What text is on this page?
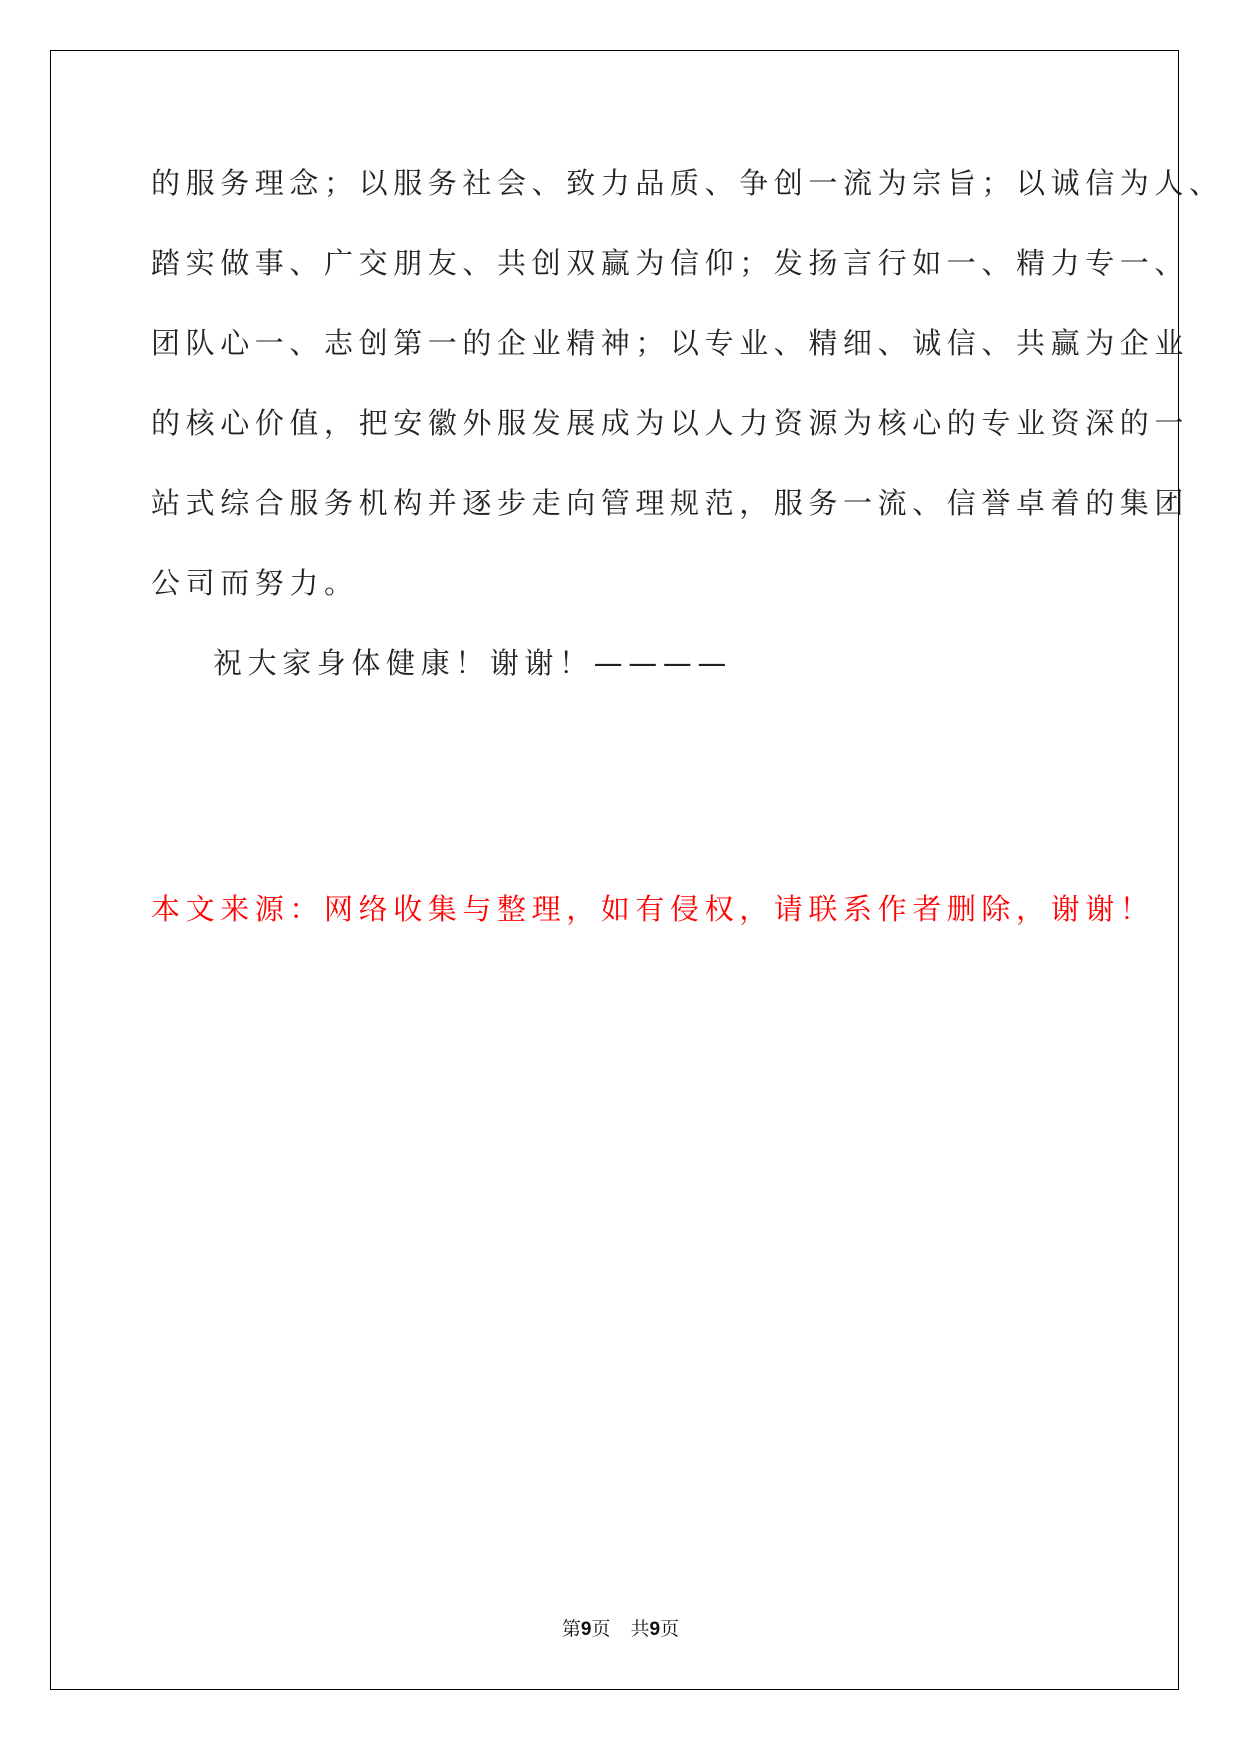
的服务理念；以服务社会、致力品质、争创一流为宗旨；以诚信为人、
踏实做事、广交朋友、共创双赢为信仰；发扬言行如一、精力专一、
团队心一、志创第一的企业精神；以专业、精细、诚信、共赢为企业
的核心价值，把安徽外服发展成为以人力资源为核心的专业资深的一
站式综合服务机构并逐步走向管理规范，服务一流、信誉卓着的集团
公司而努力。
祝大家身体健康！谢谢！————
本文来源：网络收集与整理，如有侵权，请联系作者删除，谢谢！
第9页 共9页
